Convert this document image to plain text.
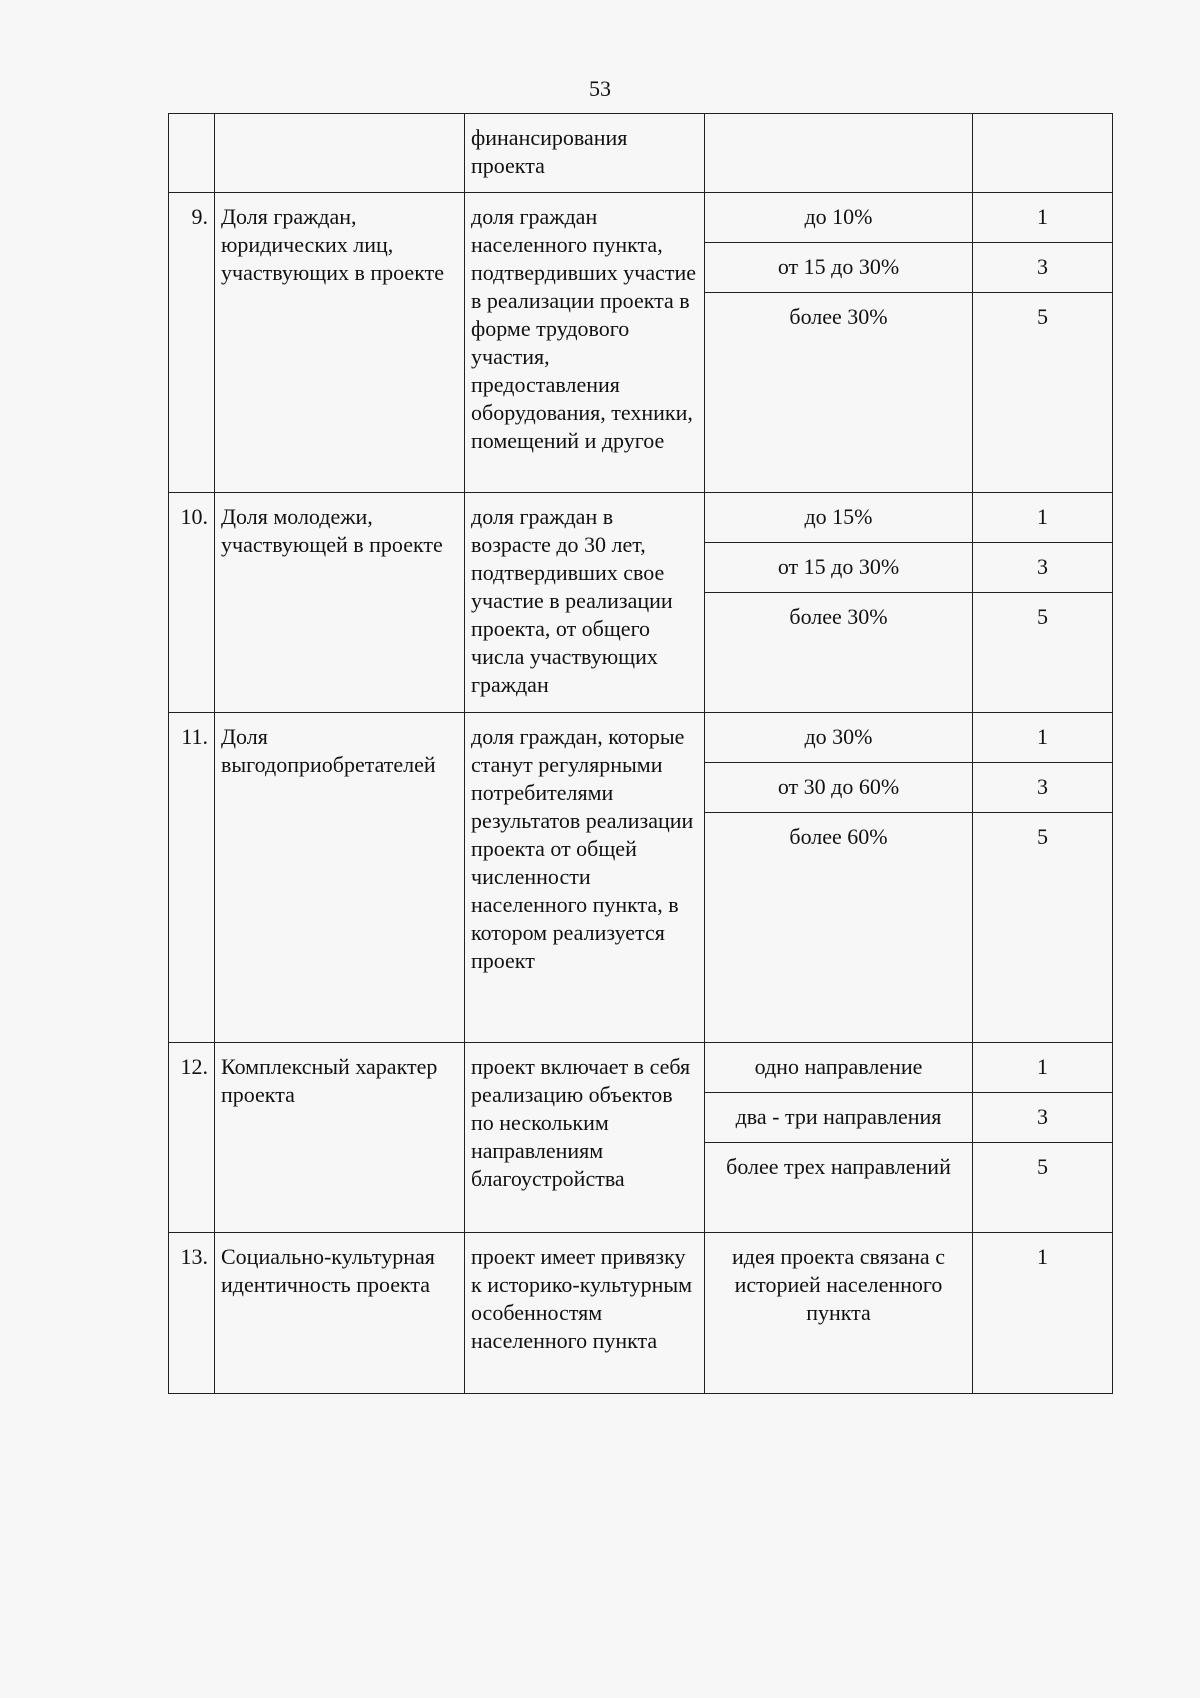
53
		финансирования проекта		
9.	Доля граждан, юридических лиц, участвующих в проекте	доля граждан населенного пункта, подтвердивших участие в реализации проекта в форме трудового участия, предоставления оборудования, техники, помещений и другое	до 10%	1
			от 15 до 30%	3
			более 30%	5
10.	Доля молодежи, участвующей в проекте	доля граждан в возрасте до 30 лет, подтвердивших свое участие в реализации проекта, от общего числа участвующих граждан	до 15%	1
			от 15 до 30%	3
			более 30%	5
11.	Доля выгодоприобретателей	доля граждан, которые станут регулярными потребителями результатов реализации проекта от общей численности населенного пункта, в котором реализуется проект	до 30%	1
			от 30 до 60%	3
			более 60%	5
12.	Комплексный характер проекта	проект включает в себя реализацию объектов по нескольким направлениям благоустройства	одно направление	1
			два - три направления	3
			более трех направлений	5
13.	Социально-культурная идентичность проекта	проект имеет привязку к историко-культурным особенностям населенного пункта	идея проекта связана с историей населенного пункта	1
